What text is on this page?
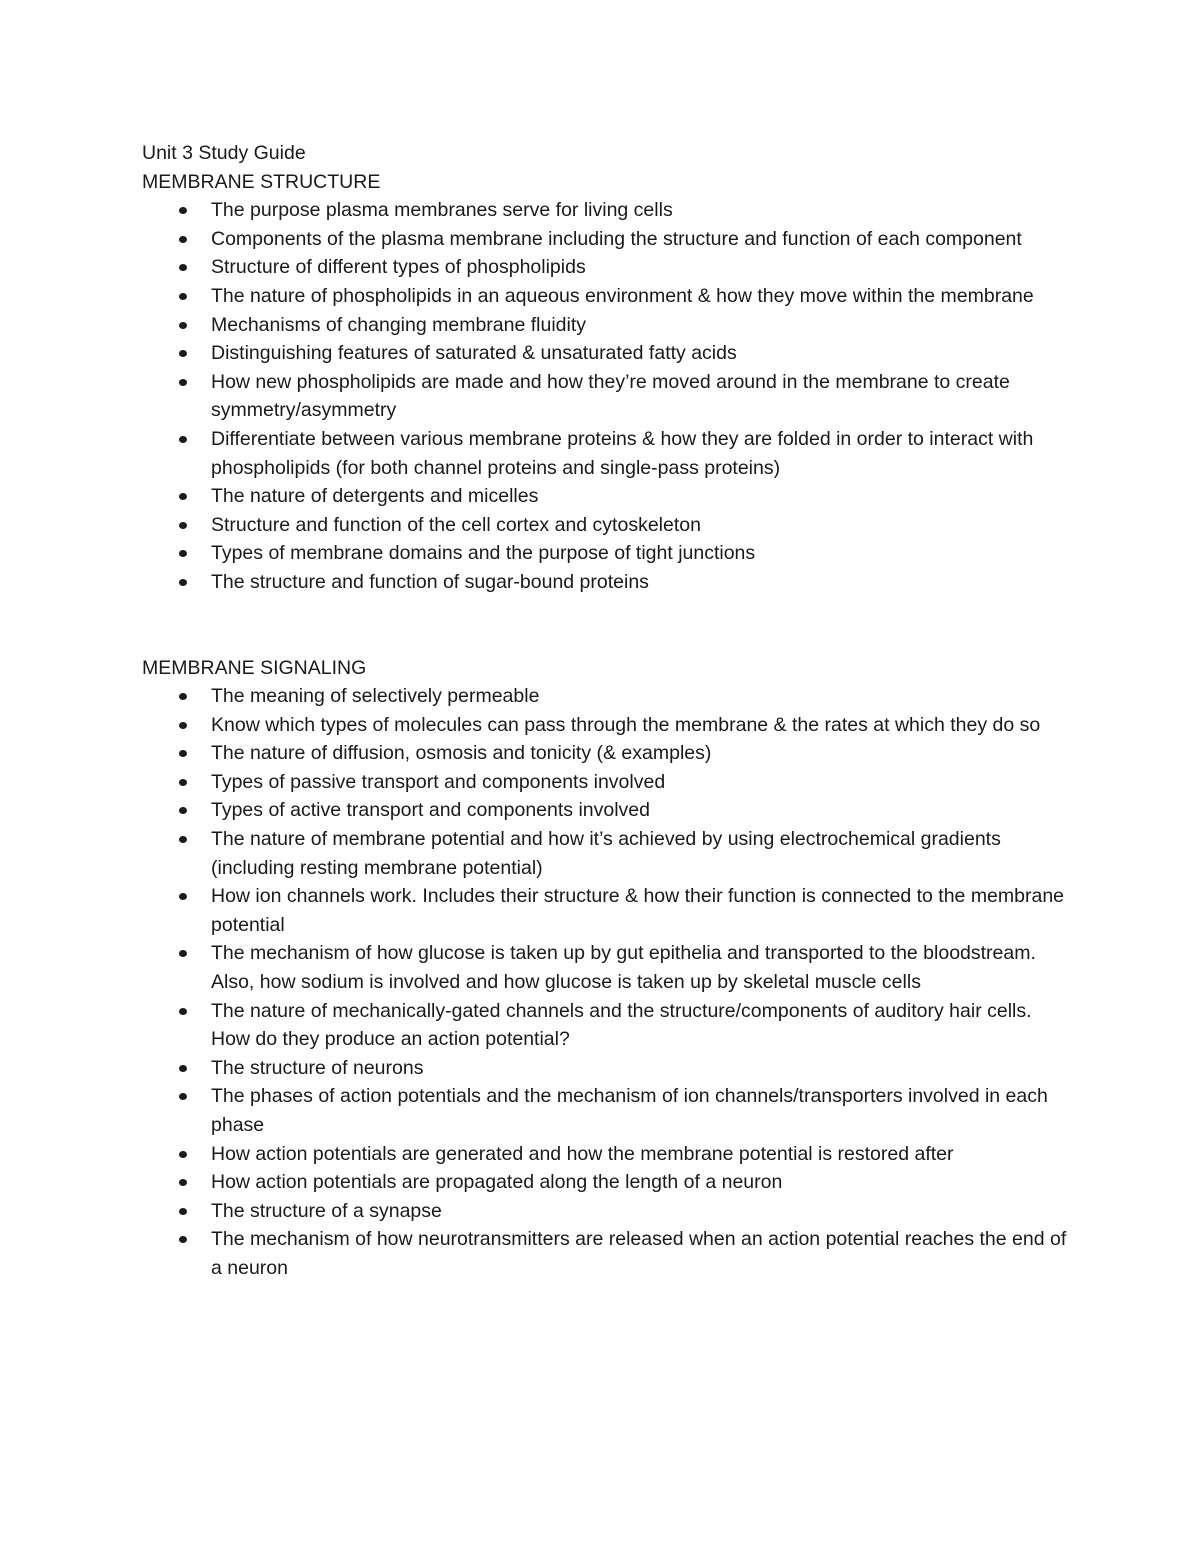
Unit 3 Study Guide
MEMBRANE STRUCTURE
The purpose plasma membranes serve for living cells
Components of the plasma membrane including the structure and function of each component
Structure of different types of phospholipids
The nature of phospholipids in an aqueous environment & how they move within the membrane
Mechanisms of changing membrane fluidity
Distinguishing features of saturated & unsaturated fatty acids
How new phospholipids are made and how they’re moved around in the membrane to create symmetry/asymmetry
Differentiate between various membrane proteins & how they are folded in order to interact with phospholipids (for both channel proteins and single-pass proteins)
The nature of detergents and micelles
Structure and function of the cell cortex and cytoskeleton
Types of membrane domains and the purpose of tight junctions
The structure and function of sugar-bound proteins
MEMBRANE SIGNALING
The meaning of selectively permeable
Know which types of molecules can pass through the membrane & the rates at which they do so
The nature of diffusion, osmosis and tonicity (& examples)
Types of passive transport and components involved
Types of active transport and components involved
The nature of membrane potential and how it’s achieved by using electrochemical gradients (including resting membrane potential)
How ion channels work. Includes their structure & how their function is connected to the membrane potential
The mechanism of how glucose is taken up by gut epithelia and transported to the bloodstream. Also, how sodium is involved and how glucose is taken up by skeletal muscle cells
The nature of mechanically-gated channels and the structure/components of auditory hair cells. How do they produce an action potential?
The structure of neurons
The phases of action potentials and the mechanism of ion channels/transporters involved in each phase
How action potentials are generated and how the membrane potential is restored after
How action potentials are propagated along the length of a neuron
The structure of a synapse
The mechanism of how neurotransmitters are released when an action potential reaches the end of a neuron
